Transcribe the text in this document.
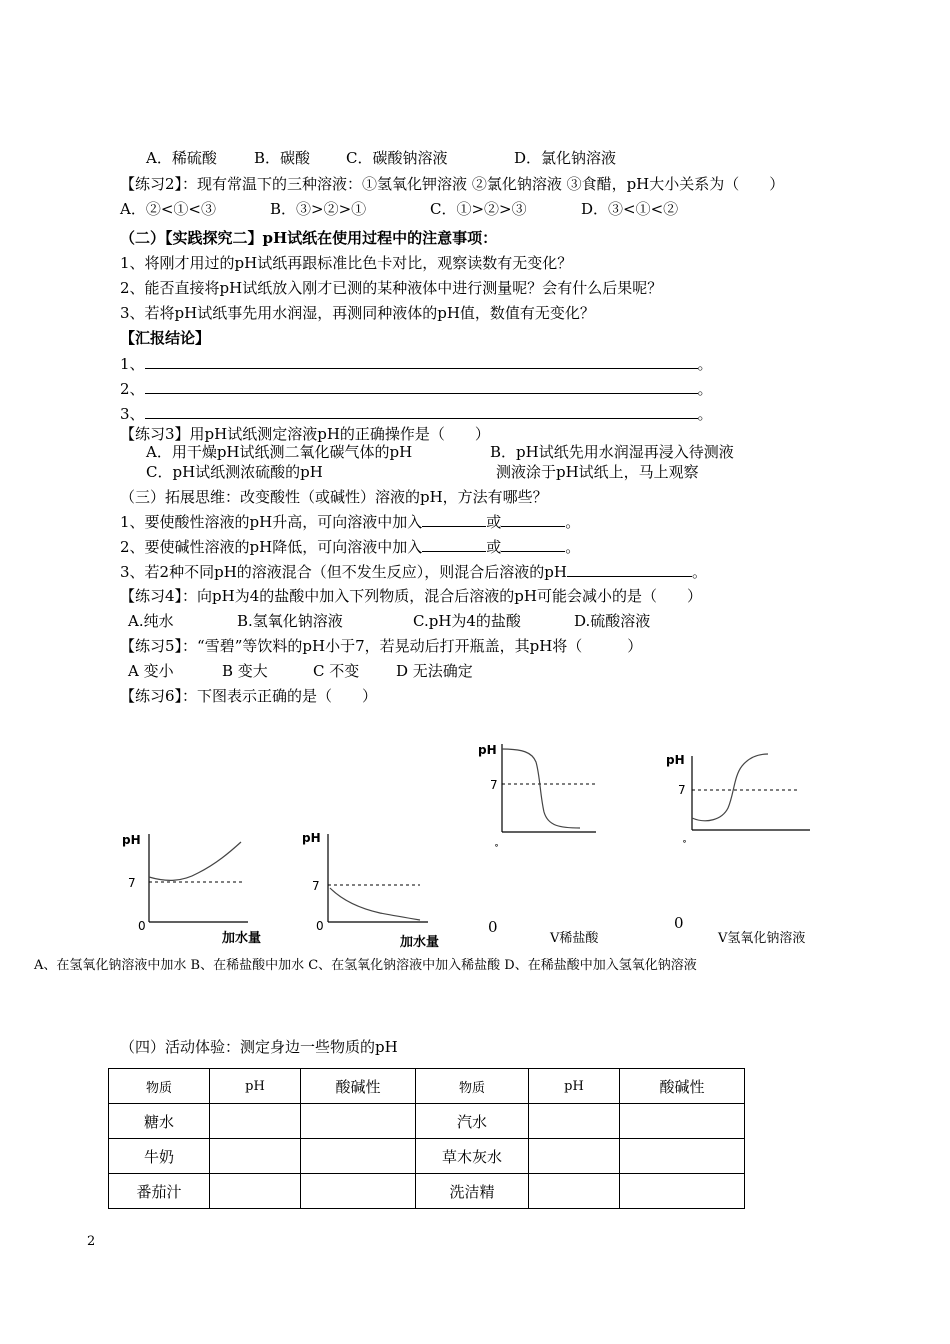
A．稀硫酸 B．碳酸 C．碳酸钠溶液	D．氯化钠溶液
【练习2】：现有常温下的三种溶液：①氢氧化钾溶液 ②氯化钠溶液 ③食醋，pH大小关系为（　　）
A．②<①<③	B．③>②>①	C．①>②>③	D．③<①<②
（二）【实践探究二】pH试纸在使用过程中的注意事项：
1、将刚才用过的pH试纸再跟标准比色卡对比，观察读数有无变化？
2、能否直接将pH试纸放入刚才已测的某种液体中进行测量呢？会有什么后果呢？
3、若将pH试纸事先用水润湿，再测同种液体的pH值，数值有无变化？
【汇报结论】
1、	。
2、	。
3、	。
【练习3】用pH试纸测定溶液pH的正确操作是（　　）
A．用干燥pH试纸测二氧化碳气体的pH	B．pH试纸先用水润湿再浸入待测液
C．pH试纸测浓硫酸的pH	测液涂于pH试纸上，马上观察
（三）拓展思维：改变酸性（或碱性）溶液的pH，方法有哪些？
1、要使酸性溶液的pH升高，可向溶液中加入	或	。
2、要使碱性溶液的pH降低，可向溶液中加入	或	。
3、若2种不同pH的溶液混合（但不发生反应），则混合后溶液的pH	。
【练习4】：向pH为4的盐酸中加入下列物质，混合后溶液的pH可能会减小的是（　　）
A.纯水	B.氢氧化钠溶液	C.pH为4的盐酸	D.硫酸溶液
【练习5】：“雪碧”等饮料的pH小于7，若晃动后打开瓶盖，其pH将（　　　）
A 变小	B 变大	C 不变 D 无法确定
【练习6】：下图表示正确的是（　　）
pH
7
0
加水量
pH
7
0
加水量
pH
7
˳
pH
7
˳
0	0
V稀盐酸	V氢氧化钠溶液
A、在氢氧化钠溶液中加水 B、在稀盐酸中加水 C、在氢氧化钠溶液中加入稀盐酸 D、在稀盐酸中加入氢氧化钠溶液
（四）活动体验：测定身边一些物质的pH
物质	pH	酸碱性	物质	pH	酸碱性
糖水			汽水		
牛奶			草木灰水		
番茄汁			洗洁精		
2
